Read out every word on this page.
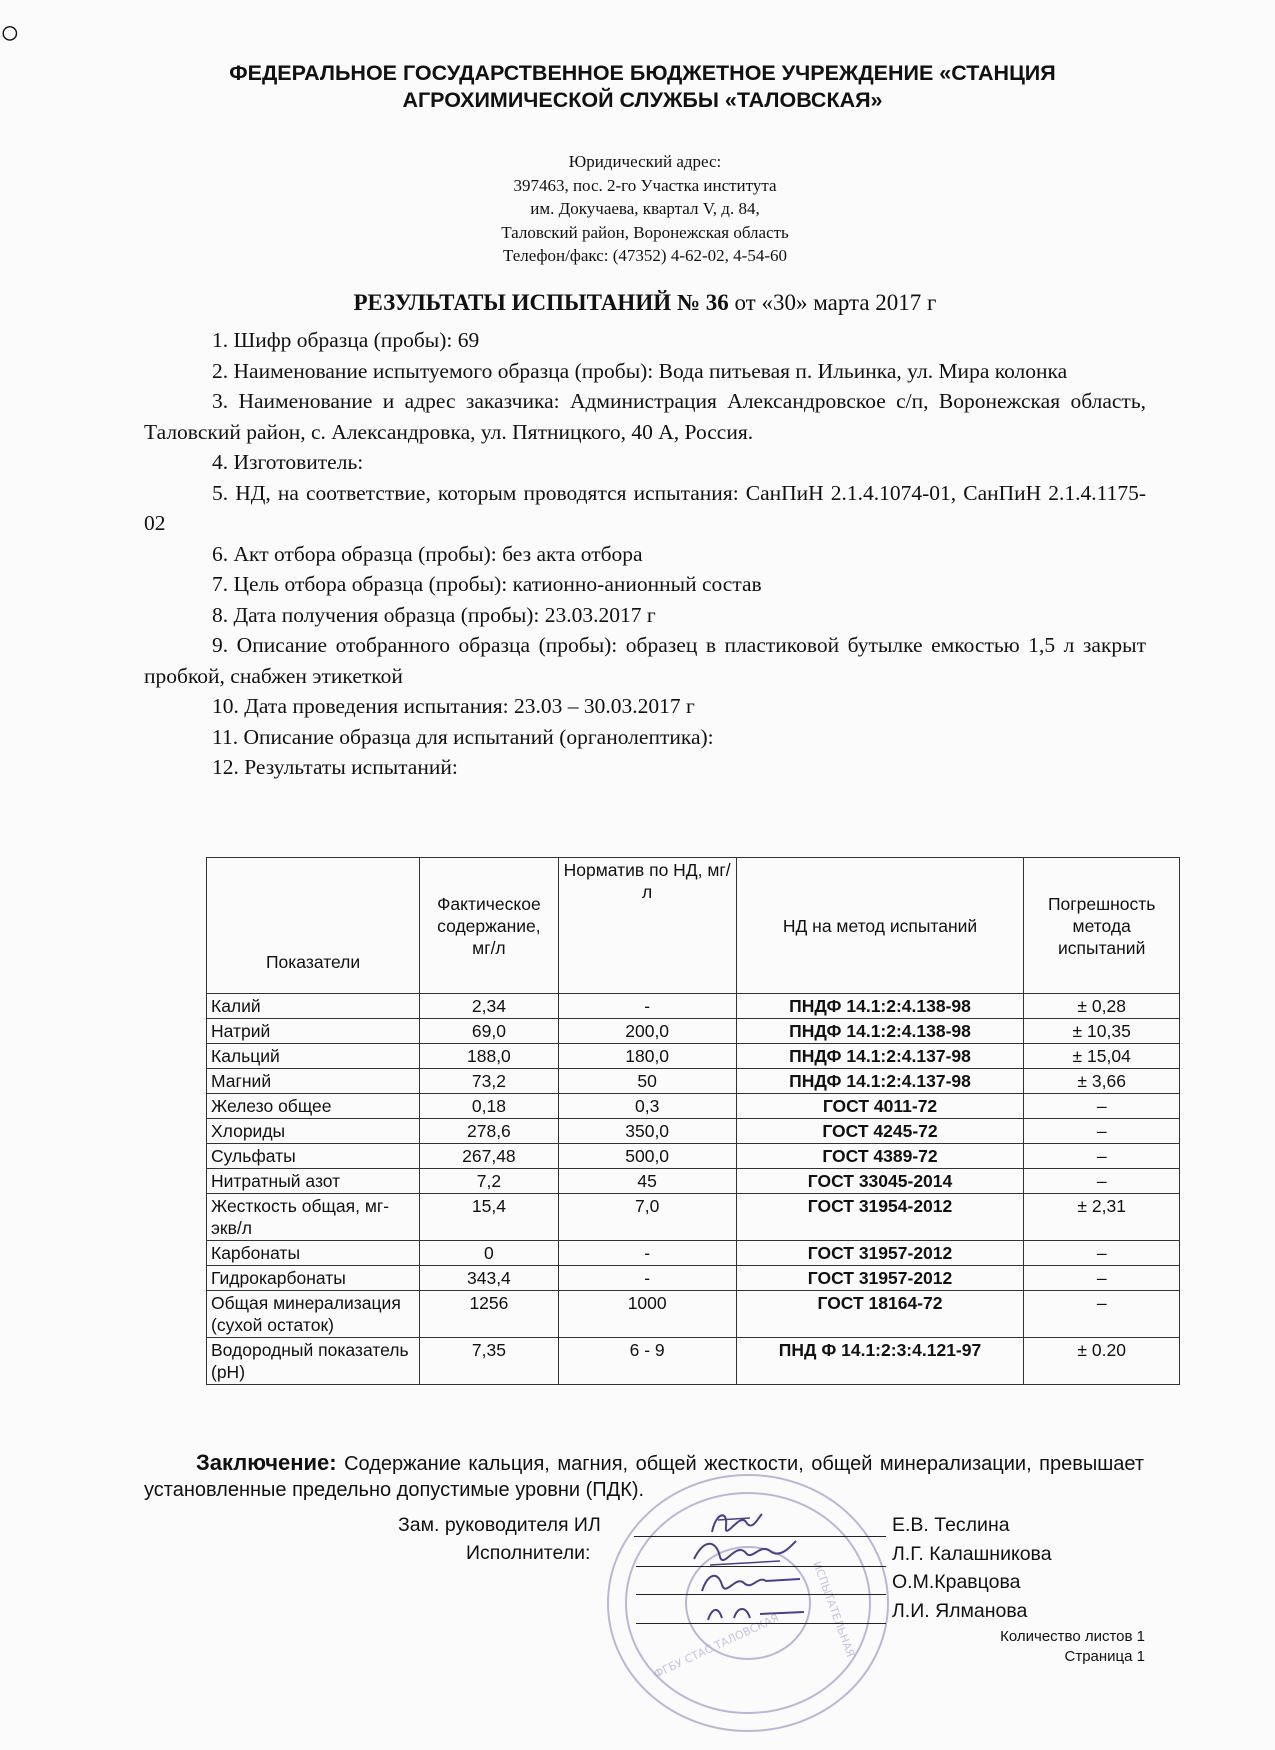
◯
ФЕДЕРАЛЬНОЕ ГОСУДАРСТВЕННОЕ БЮДЖЕТНОЕ УЧРЕЖДЕНИЕ «СТАНЦИЯ
АГРОХИМИЧЕСКОЙ СЛУЖБЫ «ТАЛОВСКАЯ»
Юридический адрес:
397463, пос. 2-го Участка института
им. Докучаева, квартал V, д. 84,
Таловский район, Воронежская область
Телефон/факс: (47352) 4-62-02, 4-54-60
РЕЗУЛЬТАТЫ ИСПЫТАНИЙ № 36 от «30» марта 2017 г

1. Шифр образца (пробы): 69

2. Наименование испытуемого образца (пробы): Вода питьевая п. Ильинка, ул. Мира колонка

3. Наименование и адрес заказчика: Администрация Александровское с/п, Воронежская область, Таловский район, с. Александровка, ул. Пятницкого, 40 А, Россия.

4. Изготовитель:

5. НД, на соответствие, которым проводятся испытания: СанПиН 2.1.4.1074-01, СанПиН 2.1.4.1175-02

6. Акт отбора образца (пробы): без акта отбора

7. Цель отбора образца (пробы): катионно-анионный состав

8. Дата получения образца (пробы): 23.03.2017 г

9. Описание отобранного образца (пробы): образец в пластиковой бутылке емкостью 1,5 л закрыт пробкой, снабжен этикеткой

10. Дата проведения испытания: 23.03 – 30.03.2017 г

11. Описание образца для испытаний (органолептика):

12. Результаты испытаний:

Показатели	Фактическое содержание, мг/л	Норматив по НД, мг/л	НД на метод испытаний	Погрешность метода испытаний
Калий	2,34	-	ПНДФ 14.1:2:4.138-98	± 0,28
Натрий	69,0	200,0	ПНДФ 14.1:2:4.138-98	± 10,35
Кальций	188,0	180,0	ПНДФ 14.1:2:4.137-98	± 15,04
Магний	73,2	50	ПНДФ 14.1:2:4.137-98	± 3,66
Железо общее	0,18	0,3	ГОСТ 4011-72	–
Хлориды	278,6	350,0	ГОСТ 4245-72	–
Сульфаты	267,48	500,0	ГОСТ 4389-72	–
Нитратный азот	7,2	45	ГОСТ 33045-2014	–
Жесткость общая, мг-экв/л	15,4	7,0	ГОСТ 31954-2012	± 2,31
Карбонаты	0	-	ГОСТ 31957-2012	–
Гидрокарбонаты	343,4	-	ГОСТ 31957-2012	–
Общая минерализация (сухой остаток)	1256	1000	ГОСТ 18164-72	–
Водородный показатель (рН)	7,35	6 - 9	ПНД Ф 14.1:2:3:4.121-97	± 0.20
Заключение: Содержание кальция, магния, общей жесткости, общей минерализации, превышает установленные предельно допустимые уровни (ПДК).
ФГБУ СТАС ТАЛОВСКАЯ	ИСПЫТАТЕЛЬНАЯ
Зам. руководителя ИЛ	Е.В. Теслина
Исполнители:	Л.Г. Калашникова
О.М.Кравцова
Л.И. Ялманова
Количество листов 1
Страница 1
